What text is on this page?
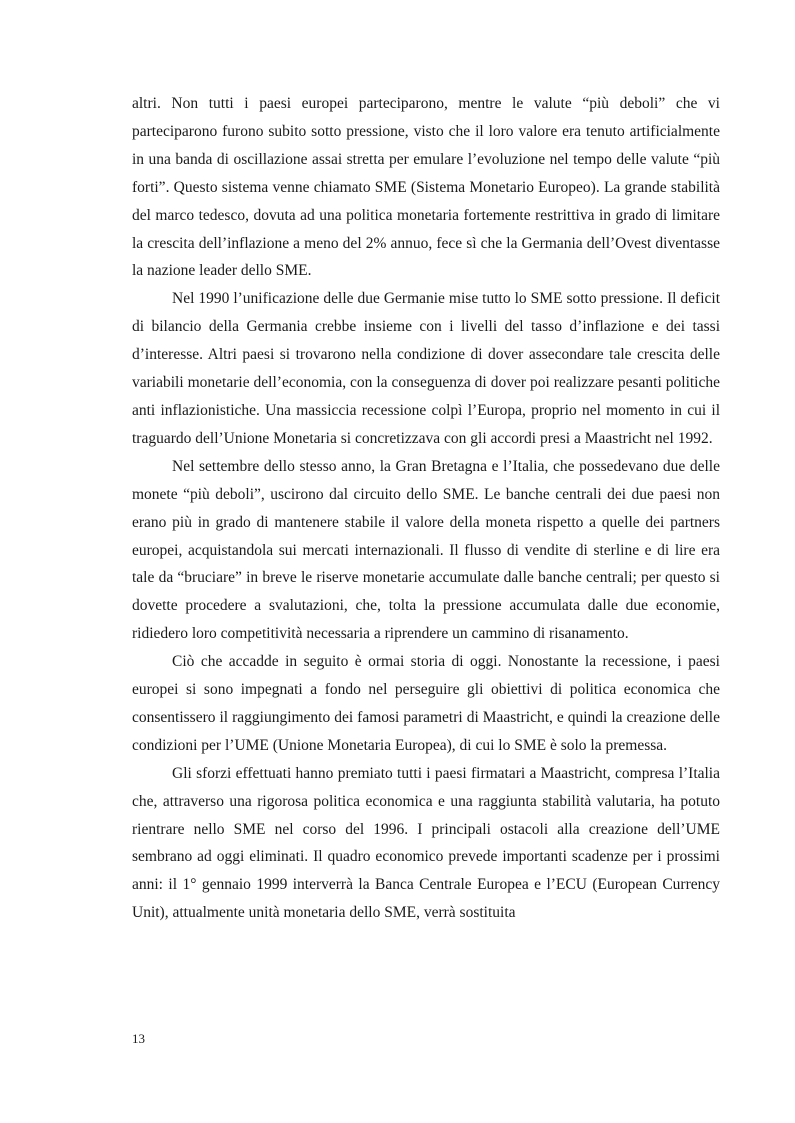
altri. Non tutti i paesi europei parteciparono, mentre le valute “più deboli” che vi parteciparono furono subito sotto pressione, visto che il loro valore era tenuto artificialmente in una banda di oscillazione assai stretta per emulare l’evoluzione nel tempo delle valute “più forti”. Questo sistema venne chiamato SME (Sistema Monetario Europeo). La grande stabilità del marco tedesco, dovuta ad una politica monetaria fortemente restrittiva in grado di limitare la crescita dell’inflazione a meno del 2% annuo, fece sì che la Germania dell’Ovest diventasse la nazione leader dello SME.

Nel 1990 l’unificazione delle due Germanie mise tutto lo SME sotto pressione. Il deficit di bilancio della Germania crebbe insieme con i livelli del tasso d’inflazione e dei tassi d’interesse. Altri paesi si trovarono nella condizione di dover assecondare tale crescita delle variabili monetarie dell’economia, con la conseguenza di dover poi realizzare pesanti politiche anti inflazionistiche. Una massiccia recessione colpì l’Europa, proprio nel momento in cui il traguardo dell’Unione Monetaria si concretizzava con gli accordi presi a Maastricht nel 1992.

Nel settembre dello stesso anno, la Gran Bretagna e l’Italia, che possedevano due delle monete “più deboli”, uscirono dal circuito dello SME. Le banche centrali dei due paesi non erano più in grado di mantenere stabile il valore della moneta rispetto a quelle dei partners europei, acquistandola sui mercati internazionali. Il flusso di vendite di sterline e di lire era tale da “bruciare” in breve le riserve monetarie accumulate dalle banche centrali; per questo si dovette procedere a svalutazioni, che, tolta la pressione accumulata dalle due economie, ridiedero loro competitività necessaria a riprendere un cammino di risanamento.

Ciò che accadde in seguito è ormai storia di oggi. Nonostante la recessione, i paesi europei si sono impegnati a fondo nel perseguire gli obiettivi di politica economica che consentissero il raggiungimento dei famosi parametri di Maastricht, e quindi la creazione delle condizioni per l’UME (Unione Monetaria Europea), di cui lo SME è solo la premessa.

Gli sforzi effettuati hanno premiato tutti i paesi firmatari a Maastricht, compresa l’Italia che, attraverso una rigorosa politica economica e una raggiunta stabilità valutaria, ha potuto rientrare nello SME nel corso del 1996. I principali ostacoli alla creazione dell’UME sembrano ad oggi eliminati. Il quadro economico prevede importanti scadenze per i prossimi anni: il 1° gennaio 1999 interverrà la Banca Centrale Europea e l’ECU (European Currency Unit), attualmente unità monetaria dello SME, verrà sostituita

13
